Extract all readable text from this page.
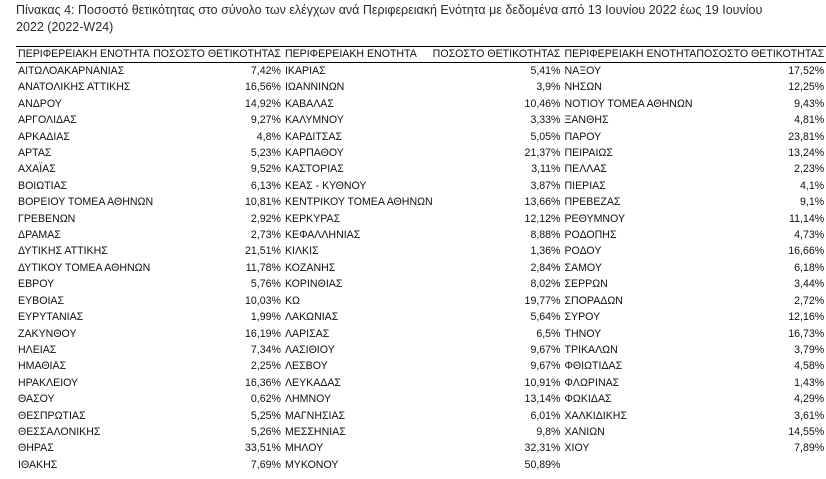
Πίνακας 4: Ποσοστό θετικότητας στο σύνολο των ελέγχων ανά Περιφερειακή Ενότητα με δεδομένα από 13 Ιουνίου 2022 έως 19 Ιουνίου 2022 (2022-W24)
ΠΕΡΙΦΕΡΕΙΑΚΗ ΕΝΟΤΗΤΑ	ΠΟΣΟΣΤΟ ΘΕΤΙΚΟΤΗΤΑΣ	ΠΕΡΙΦΕΡΕΙΑΚΗ ΕΝΟΤΗΤΑ	ΠΟΣΟΣΤΟ ΘΕΤΙΚΟΤΗΤΑΣ	ΠΕΡΙΦΕΡΕΙΑΚΗ ΕΝΟΤΗΤΑ	ΠΟΣΟΣΤΟ ΘΕΤΙΚΟΤΗΤΑΣ
ΑΙΤΩΛΟΑΚΑΡΝΑΝΙΑΣ	7,42%	ΙΚΑΡΙΑΣ	5,41%	ΝΑΞΟΥ	17,52%
ΑΝΑΤΟΛΙΚΗΣ ΑΤΤΙΚΗΣ	16,56%	ΙΩΑΝΝΙΝΩΝ	3,9%	ΝΗΣΩΝ	12,25%
ΑΝΔΡΟΥ	14,92%	ΚΑΒΑΛΑΣ	10,46%	ΝΟΤΙΟΥ ΤΟΜΕΑ ΑΘΗΝΩΝ	9,43%
ΑΡΓΟΛΙΔΑΣ	9,27%	ΚΑΛΥΜΝΟΥ	3,33%	ΞΑΝΘΗΣ	4,81%
ΑΡΚΑΔΙΑΣ	4,8%	ΚΑΡΔΙΤΣΑΣ	5,05%	ΠΑΡΟΥ	23,81%
ΑΡΤΑΣ	5,23%	ΚΑΡΠΑΘΟΥ	21,37%	ΠΕΙΡΑΙΩΣ	13,24%
ΑΧΑΪΑΣ	9,52%	ΚΑΣΤΟΡΙΑΣ	3,11%	ΠΕΛΛΑΣ	2,23%
ΒΟΙΩΤΙΑΣ	6,13%	ΚΕΑΣ - ΚΥΘΝΟΥ	3,87%	ΠΙΕΡΙΑΣ	4,1%
ΒΟΡΕΙΟΥ ΤΟΜΕΑ ΑΘΗΝΩΝ	10,81%	ΚΕΝΤΡΙΚΟΥ ΤΟΜΕΑ ΑΘΗΝΩΝ	13,66%	ΠΡΕΒΕΖΑΣ	9,1%
ΓΡΕΒΕΝΩΝ	2,92%	ΚΕΡΚΥΡΑΣ	12,12%	ΡΕΘΥΜΝΟΥ	11,14%
ΔΡΑΜΑΣ	2,73%	ΚΕΦΑΛΛΗΝΙΑΣ	8,88%	ΡΟΔΟΠΗΣ	4,73%
ΔΥΤΙΚΗΣ ΑΤΤΙΚΗΣ	21,51%	ΚΙΛΚΙΣ	1,36%	ΡΟΔΟΥ	16,66%
ΔΥΤΙΚΟΥ ΤΟΜΕΑ ΑΘΗΝΩΝ	11,78%	ΚΟΖΑΝΗΣ	2,84%	ΣΑΜΟΥ	6,18%
ΕΒΡΟΥ	5,76%	ΚΟΡΙΝΘΙΑΣ	8,02%	ΣΕΡΡΩΝ	3,44%
ΕΥΒΟΙΑΣ	10,03%	ΚΩ	19,77%	ΣΠΟΡΑΔΩΝ	2,72%
ΕΥΡΥΤΑΝΙΑΣ	1,99%	ΛΑΚΩΝΙΑΣ	5,64%	ΣΥΡΟΥ	12,16%
ΖΑΚΥΝΘΟΥ	16,19%	ΛΑΡΙΣΑΣ	6,5%	ΤΗΝΟΥ	16,73%
ΗΛΕΙΑΣ	7,34%	ΛΑΣΙΘΙΟΥ	9,67%	ΤΡΙΚΑΛΩΝ	3,79%
ΗΜΑΘΙΑΣ	2,25%	ΛΕΣΒΟΥ	9,67%	ΦΘΙΩΤΙΔΑΣ	4,58%
ΗΡΑΚΛΕΙΟΥ	16,36%	ΛΕΥΚΑΔΑΣ	10,91%	ΦΛΩΡΙΝΑΣ	1,43%
ΘΑΣΟΥ	0,62%	ΛΗΜΝΟΥ	13,14%	ΦΩΚΙΔΑΣ	4,29%
ΘΕΣΠΡΩΤΙΑΣ	5,25%	ΜΑΓΝΗΣΙΑΣ	6,01%	ΧΑΛΚΙΔΙΚΗΣ	3,61%
ΘΕΣΣΑΛΟΝΙΚΗΣ	5,26%	ΜΕΣΣΗΝΙΑΣ	9,8%	ΧΑΝΙΩΝ	14,55%
ΘΗΡΑΣ	33,51%	ΜΗΛΟΥ	32,31%	ΧΙΟΥ	7,89%
ΙΘΑΚΗΣ	7,69%	ΜΥΚΟΝΟΥ	50,89%		
